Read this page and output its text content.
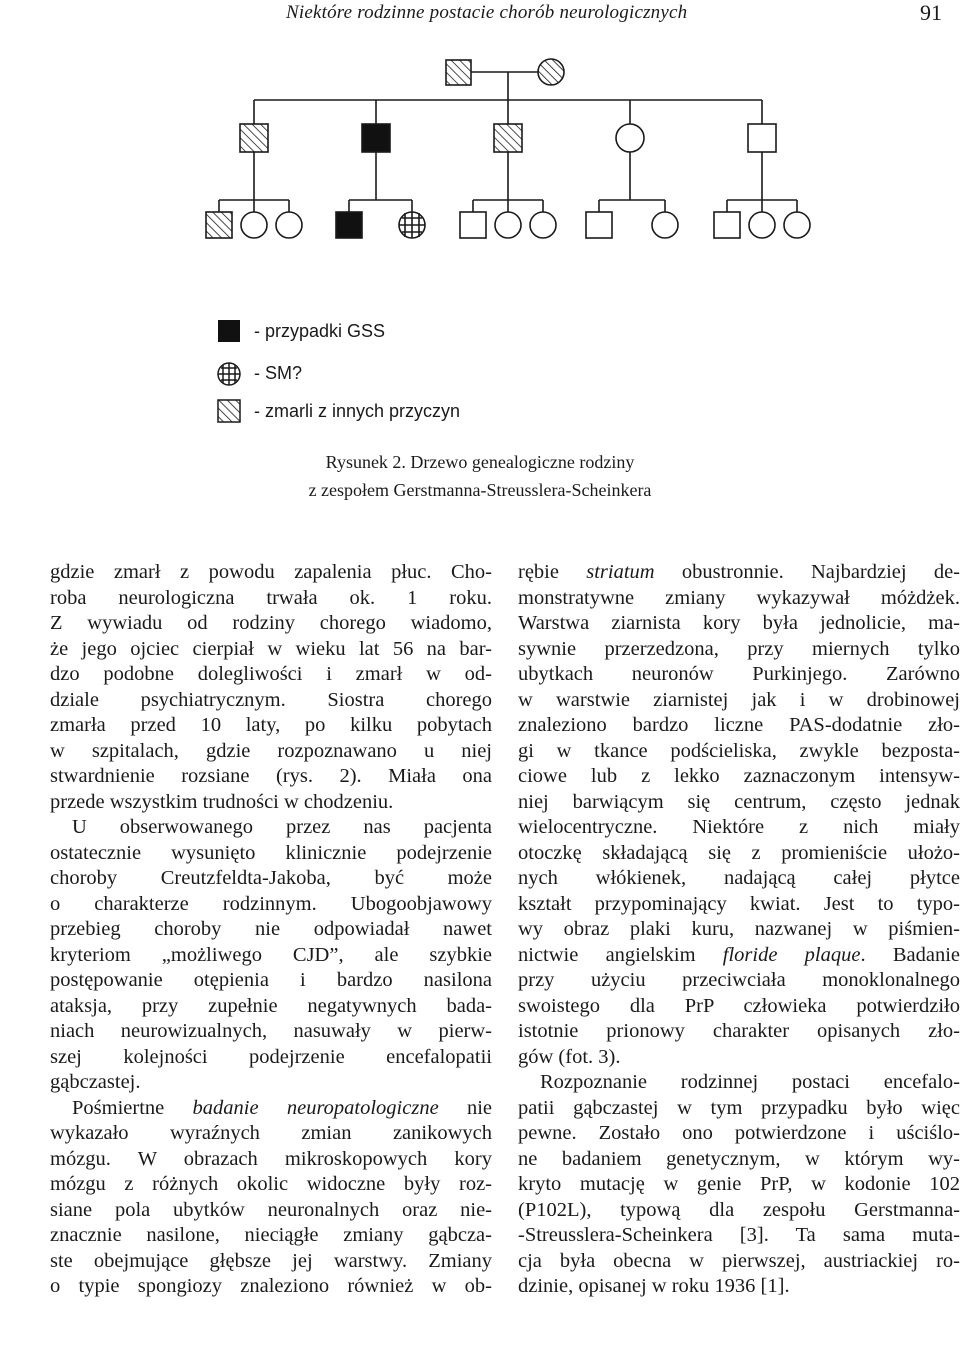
Niektóre rodzinne postacie chorób neurologicznych	91
- przypadki GSS
- SM?
- zmarli z innych przyczyn
Rysunek 2. Drzewo genealogiczne rodziny
z zespołem Gerstmanna-Streusslera-Scheinkera
gdzie zmarł z powodu zapalenia płuc. Cho-
roba neurologiczna trwała ok. 1 roku.
Z wywiadu od rodziny chorego wiadomo,
że jego ojciec cierpiał w wieku lat 56 na bar-
dzo podobne dolegliwości i zmarł w od-
dziale psychiatrycznym. Siostra chorego
zmarła przed 10 laty, po kilku pobytach
w szpitalach, gdzie rozpoznawano u niej
stwardnienie rozsiane (rys. 2). Miała ona
przede wszystkim trudności w chodzeniu.
U obserwowanego przez nas pacjenta
ostatecznie wysunięto klinicznie podejrzenie
choroby Creutzfeldta-Jakoba, być może
o charakterze rodzinnym. Ubogoobjawowy
przebieg choroby nie odpowiadał nawet
kryteriom „możliwego CJD”, ale szybkie
postępowanie otępienia i bardzo nasilona
ataksja, przy zupełnie negatywnych bada-
niach neurowizualnych, nasuwały w pierw-
szej kolejności podejrzenie encefalopatii
gąbczastej.
Pośmiertne badanie neuropatologiczne nie
wykazało wyraźnych zmian zanikowych
mózgu. W obrazach mikroskopowych kory
mózgu z różnych okolic widoczne były roz-
siane pola ubytków neuronalnych oraz nie-
znacznie nasilone, nieciągłe zmiany gąbcza-
ste obejmujące głębsze jej warstwy. Zmiany
o typie spongiozy znaleziono również w ob-
rębie striatum obustronnie. Najbardziej de-
monstratywne zmiany wykazywał móżdżek.
Warstwa ziarnista kory była jednolicie, ma-
sywnie przerzedzona, przy miernych tylko
ubytkach neuronów Purkinjego. Zarówno
w warstwie ziarnistej jak i w drobinowej
znaleziono bardzo liczne PAS-dodatnie zło-
gi w tkance podścieliska, zwykle bezposta-
ciowe lub z lekko zaznaczonym intensyw-
niej barwiącym się centrum, często jednak
wielocentryczne. Niektóre z nich miały
otoczkę składającą się z promieniście ułożo-
nych włókienek, nadającą całej płytce
kształt przypominający kwiat. Jest to typo-
wy obraz plaki kuru, nazwanej w piśmien-
nictwie angielskim floride plaque. Badanie
przy użyciu przeciwciała monoklonalnego
swoistego dla PrP człowieka potwierdziło
istotnie prionowy charakter opisanych zło-
gów (fot. 3).
Rozpoznanie rodzinnej postaci encefalo-
patii gąbczastej w tym przypadku było więc
pewne. Zostało ono potwierdzone i uściślo-
ne badaniem genetycznym, w którym wy-
kryto mutację w genie PrP, w kodonie 102
(P102L), typową dla zespołu Gerstmanna-
-Streusslera-Scheinkera [3]. Ta sama muta-
cja była obecna w pierwszej, austriackiej ro-
dzinie, opisanej w roku 1936 [1].
